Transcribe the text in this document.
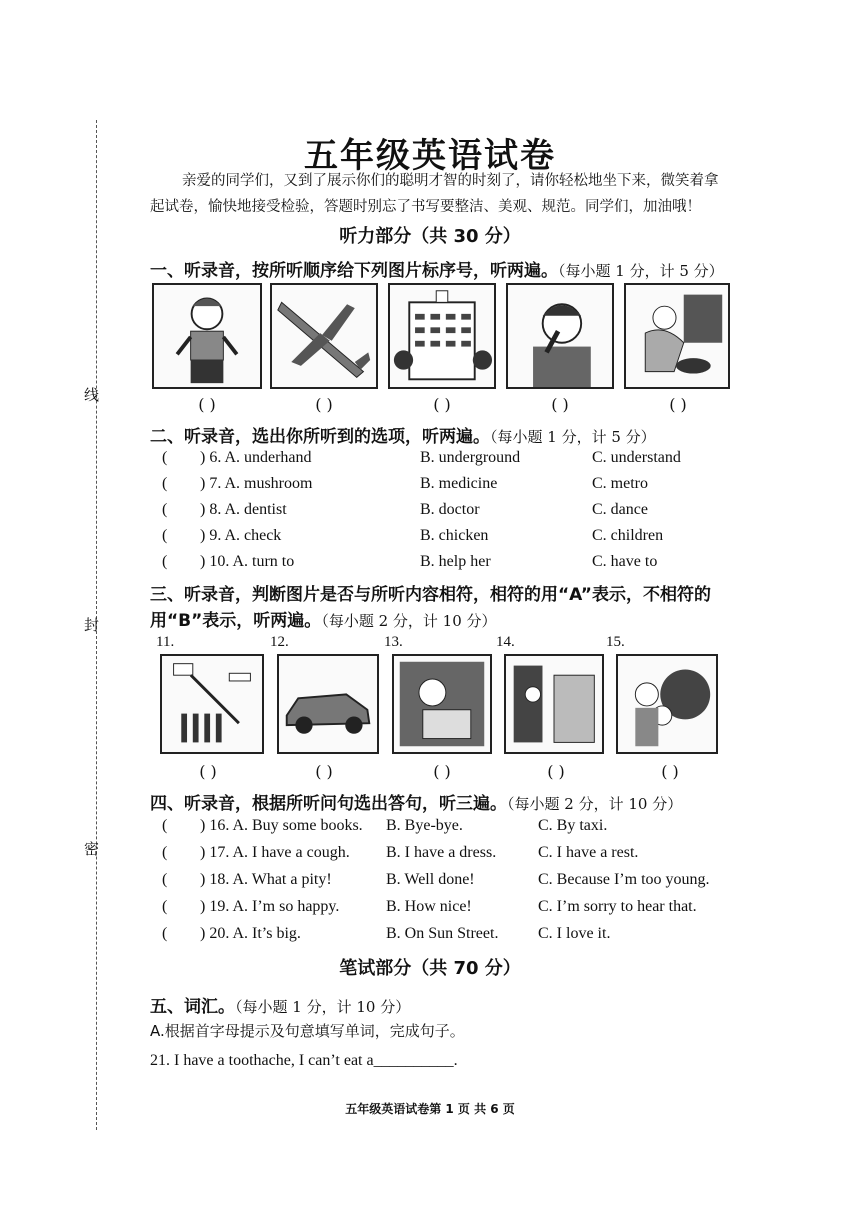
线
封
密
五年级英语试卷
亲爱的同学们，又到了展示你们的聪明才智的时刻了，请你轻松地坐下来，微笑着拿起试卷，愉快地接受检验，答题时别忘了书写要整洁、美观、规范。同学们，加油哦！
听力部分（共 30 分）
一、听录音，按所听顺序给下列图片标序号，听两遍。（每小题 1 分，计 5 分）
( )	( )	( )	( )	( )
二、听录音，选出你所听到的选项，听两遍。（每小题 1 分，计 5 分）
( ) 6. A. underhand	B. underground	C. understand
( ) 7. A. mushroom	B. medicine	C. metro
( ) 8. A. dentist	B. doctor	C. dance
( ) 9. A. check	B. chicken	C. children
( ) 10. A. turn to	B. help her	C. have to
三、听录音，判断图片是否与所听内容相符，相符的用“A”表示，不相符的
用“B”表示，听两遍。（每小题 2 分，计 10 分）
11.	12.	13.	14.	15.
( )	( )	( )	( )	( )
四、听录音，根据所听问句选出答句，听三遍。（每小题 2 分，计 10 分）
( ) 16. A. Buy some books. B. Bye-bye.	C. By taxi.
( ) 17. A. I have a cough. B. I have a dress.	C. I have a rest.
( ) 18. A. What a pity!	B. Well done!	C. Because I’m too young.
( ) 19. A. I’m so happy.	B. How nice!	C. I’m sorry to hear that.
( ) 20. A. It’s big.	B. On Sun Street. C. I love it.
笔试部分（共 70 分）
五、词汇。（每小题 1 分，计 10 分）
A.根据首字母提示及句意填写单词，完成句子。
21. I have a toothache, I can’t eat a__________.
五年级英语试卷第 1 页 共 6 页
